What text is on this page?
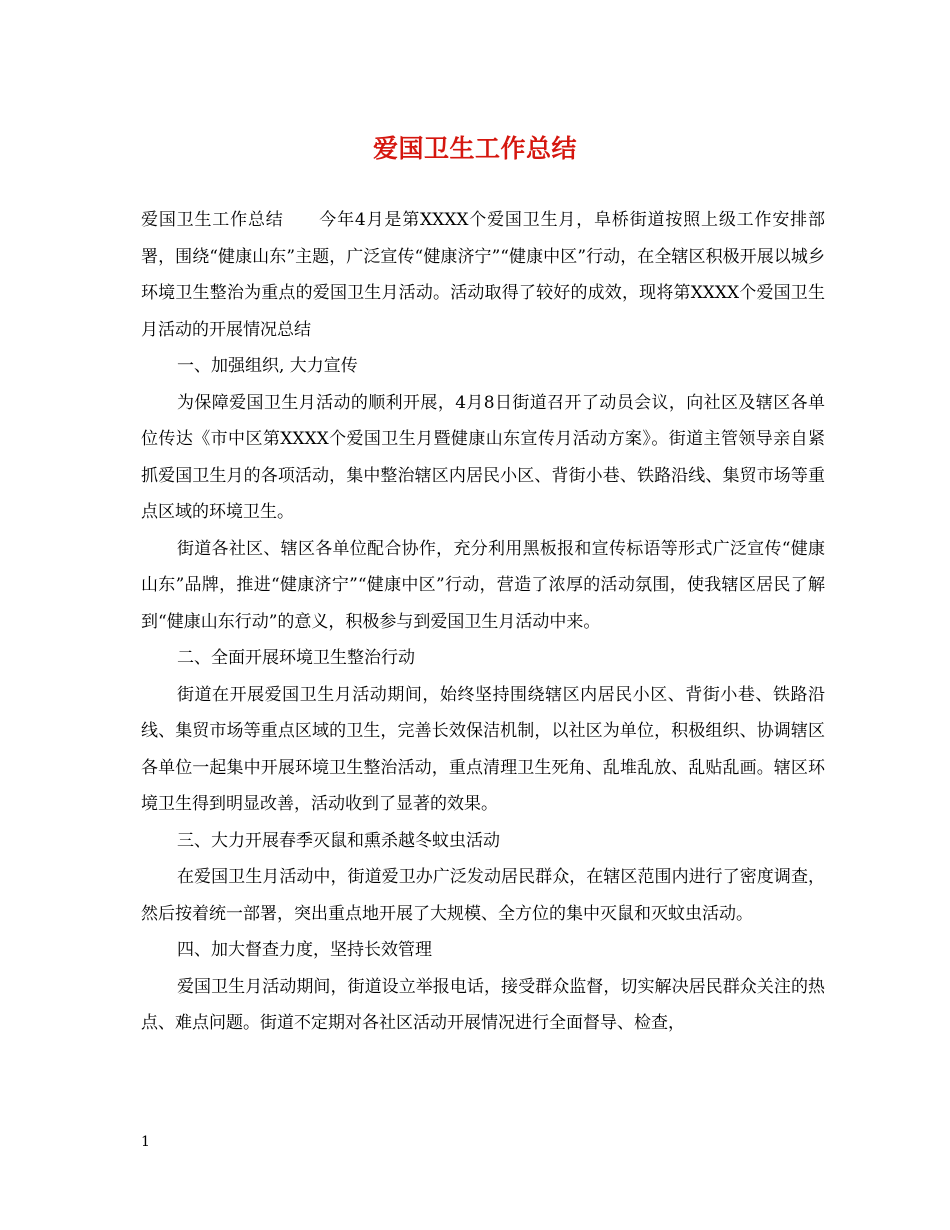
爱国卫生工作总结

爱国卫生工作总结　　今年4月是第XXXX个爱国卫生月，阜桥街道按照上级工作安排部署，围绕“健康山东”主题，广泛宣传“健康济宁”“健康中区”行动，在全辖区积极开展以城乡环境卫生整治为重点的爱国卫生月活动。活动取得了较好的成效，现将第XXXX个爱国卫生月活动的开展情况总结

一、加强组织, 大力宣传

为保障爱国卫生月活动的顺利开展，4月8日街道召开了动员会议，向社区及辖区各单位传达《市中区第XXXX个爱国卫生月暨健康山东宣传月活动方案》。街道主管领导亲自紧抓爱国卫生月的各项活动，集中整治辖区内居民小区、背街小巷、铁路沿线、集贸市场等重点区域的环境卫生。

街道各社区、辖区各单位配合协作，充分利用黑板报和宣传标语等形式广泛宣传“健康山东”品牌，推进“健康济宁”“健康中区”行动，营造了浓厚的活动氛围，使我辖区居民了解到“健康山东行动”的意义，积极参与到爱国卫生月活动中来。

二、全面开展环境卫生整治行动

街道在开展爱国卫生月活动期间，始终坚持围绕辖区内居民小区、背街小巷、铁路沿线、集贸市场等重点区域的卫生，完善长效保洁机制，以社区为单位，积极组织、协调辖区各单位一起集中开展环境卫生整治活动，重点清理卫生死角、乱堆乱放、乱贴乱画。辖区环境卫生得到明显改善，活动收到了显著的效果。

三、大力开展春季灭鼠和熏杀越冬蚊虫活动

在爱国卫生月活动中，街道爱卫办广泛发动居民群众，在辖区范围内进行了密度调查，然后按着统一部署，突出重点地开展了大规模、全方位的集中灭鼠和灭蚊虫活动。

四、加大督查力度，坚持长效管理

爱国卫生月活动期间，街道设立举报电话，接受群众监督，切实解决居民群众关注的热点、难点问题。街道不定期对各社区活动开展情况进行全面督导、检查，

1
